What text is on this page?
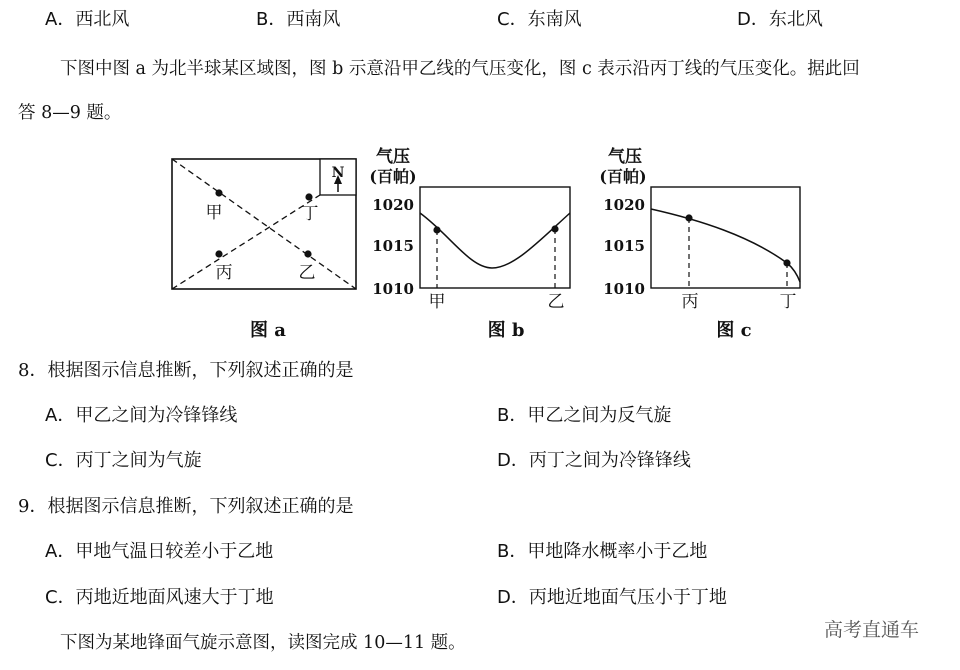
A．西北风	B．西南风	C．东南风	D．东北风
下图中图 a 为北半球某区域图，图 b 示意沿甲乙线的气压变化，图 c 表示沿丙丁线的气压变化。据此回
答 8—9 题。
N
甲	丁
丙	乙
图 a
气压
(百帕)
1020
1015
1010
甲	乙
图 b
气压
(百帕)
1020
1015
1010
丙	丁
图 c
8．根据图示信息推断，下列叙述正确的是
A．甲乙之间为冷锋锋线	B．甲乙之间为反气旋
C．丙丁之间为气旋	D．丙丁之间为冷锋锋线
9．根据图示信息推断，下列叙述正确的是
A．甲地气温日较差小于乙地	B．甲地降水概率小于乙地
C．丙地近地面风速大于丁地	D．丙地近地面气压小于丁地
下图为某地锋面气旋示意图，读图完成 10—11 题。
高考直通车
